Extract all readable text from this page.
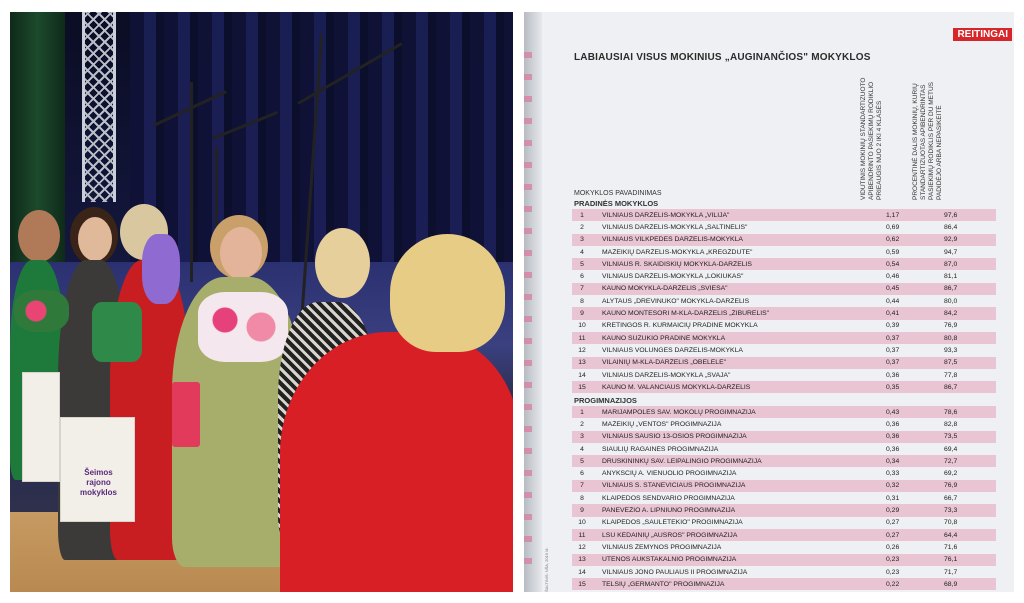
Šeimos
rajono
mokyklos
REITINGAI
LABIAUSIAI VISUS MOKINIUS „AUGINANČIOS" MOKYKLOS
VIDUTINIS MOKINIŲ STANDARTIZUOTO
APIBENDRINTO PASIEKIMŲ RODIKLIO
PRIEAUGIS NUO 2 IKI 4 KLASĖS
PROCENTINĖ DALIS MOKINIŲ, KURIŲ
STANDARTIZUOTAS APIBENDRINTAS
PASIEKIMŲ RODIKLIS PER DU METUS
PADIDĖJO ARBA NEPASIKEITĖ
MOKYKLOS PAVADINIMAS
PRADINĖS MOKYKLOS
1	VILNIAUS DARŽELIS-MOKYKLA „VILIJA"	1,17	97,6
2	VILNIAUS DARŽELIS-MOKYKLA „ŠALTINĖLIS"	0,69	86,4
3	VILNIAUS VILKPĖDĖS DARŽELIS-MOKYKLA	0,62	92,9
4	MAŽEIKIŲ DARŽELIS-MOKYKLA „KREGŽDUTĖ"	0,59	94,7
5	VILNIAUS R. SKAIDIŠKIŲ MOKYKLA-DARŽELIS	0,54	87,0
6	VILNIAUS DARŽELIS-MOKYKLA „LOKIUKAS"	0,46	81,1
7	KAUNO MOKYKLA-DARŽELIS „ŠVIESA"	0,45	86,7
8	ALYTAUS „DREVINUKO" MOKYKLA-DARŽELIS	0,44	80,0
9	KAUNO MONTESORI M-KLA-DARŽELIS „ŽIBURĖLIS"	0,41	84,2
10	KRETINGOS R. KURMAIČIŲ PRADINĖ MOKYKLA	0,39	76,9
11	KAUNO SUZUKIO PRADINĖ MOKYKLA	0,37	80,8
12	VILNIAUS VOLUNGĖS DARŽELIS-MOKYKLA	0,37	93,3
13	VILAINIŲ M-KLA-DARŽELIS „OBELĖLĖ"	0,37	87,5
14	VILNIAUS DARŽELIS-MOKYKLA „SVAJA"	0,36	77,8
15	KAUNO M. VALANČIAUS MOKYKLA-DARŽELIS	0,35	86,7
PROGIMNAZIJOS
1	MARIJAMPOLĖS SAV. MOKOLŲ PROGIMNAZIJA	0,43	78,6
2	MAŽEIKIŲ „VENTOS" PROGIMNAZIJA	0,36	82,8
3	VILNIAUS SAUSIO 13-OSIOS PROGIMNAZIJA	0,36	73,5
4	ŠIAULIŲ RAGAINĖS PROGIMNAZIJA	0,36	69,4
5	DRUSKININKŲ SAV. LEIPALINGIO PROGIMNAZIJA	0,34	72,7
6	ANYKŠČIŲ A. VIENUOLIO PROGIMNAZIJA	0,33	69,2
7	VILNIAUS S. STANEVIČIAUS PROGIMNAZIJA	0,32	76,9
8	KLAIPĖDOS SENDVARIO PROGIMNAZIJA	0,31	66,7
9	PANEVĖŽIO A. LIPNIŪNO PROGIMNAZIJA	0,29	73,3
10	KLAIPĖDOS „SAULĖTEKIO" PROGIMNAZIJA	0,27	70,8
11	LSU KĖDAINIŲ „AUŠROS" PROGIMNAZIJA	0,27	64,4
12	VILNIAUS ŽEMYNOS PROGIMNAZIJA	0,26	71,6
13	UTENOS AUKŠTAKALNIO PROGIMNAZIJA	0,23	76,1
14	VILNIAUS JONO PAULIAUS II PROGIMNAZIJA	0,23	71,7
15	TELŠIŲ „GERMANTO" PROGIMNAZIJA	0,22	68,9
ŠALTINIS: NŠA, 2019 M.
